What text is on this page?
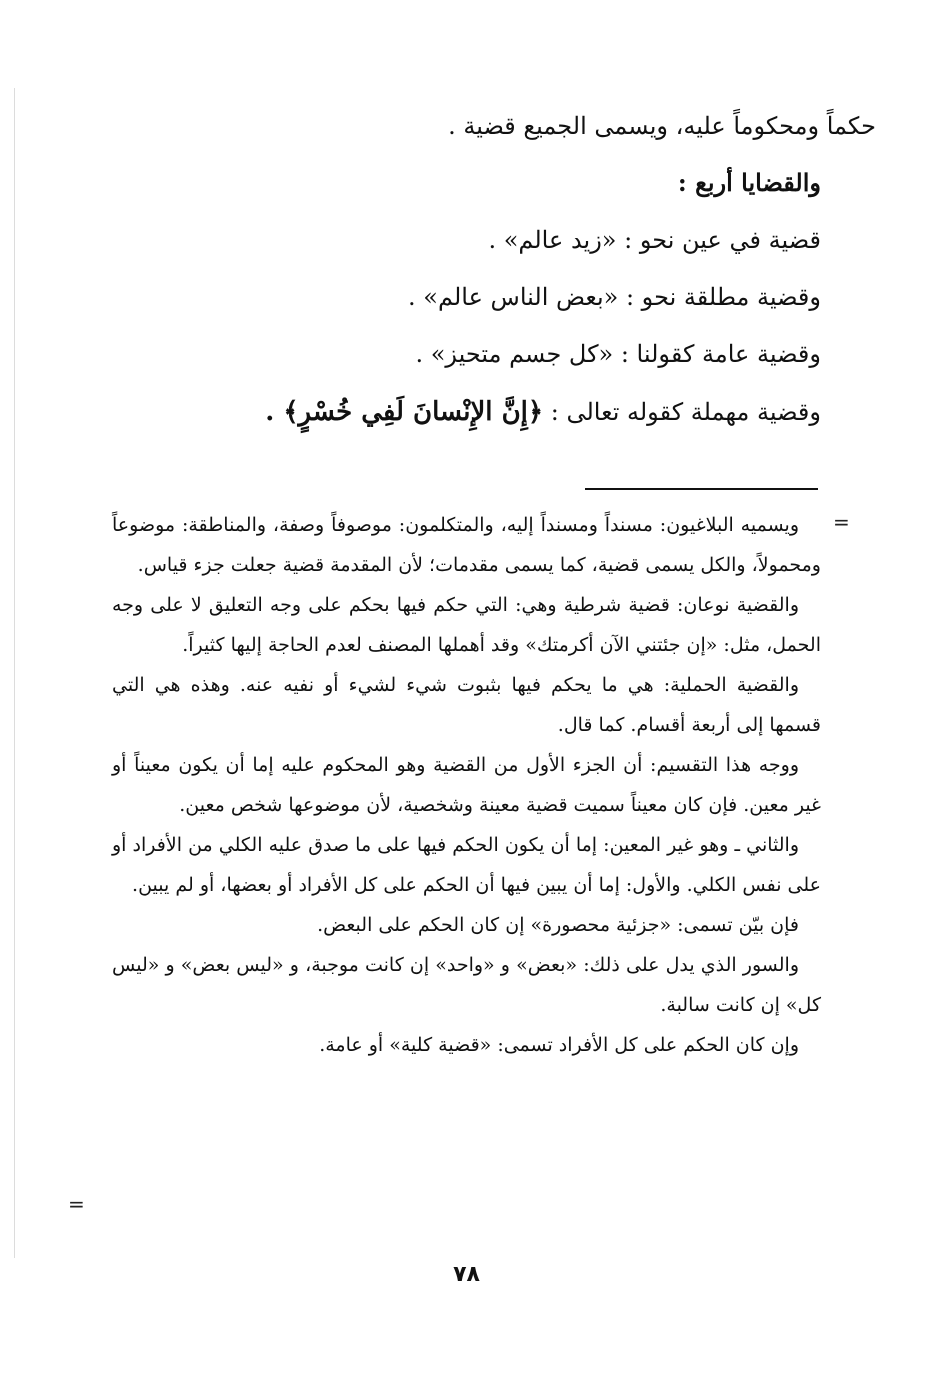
حكماً ومحكوماً عليه، ويسمى الجميع قضية .

والقضايا أربع :

قضية في عين نحو : «زيد عالم» .

وقضية مطلقة نحو : «بعض الناس عالم» .

وقضية عامة كقولنا : «كل جسم متحيز» .

وقضية مهملة كقوله تعالى : ﴿إِنَّ الإِنْسانَ لَفِي خُسْرٍ﴾ .

=

ويسميه البلاغيون: مسنداً ومسنداً إليه، والمتكلمون: موصوفاً وصفة، والمناطقة: موضوعاً ومحمولاً، والكل يسمى قضية، كما يسمى مقدمات؛ لأن المقدمة قضية جعلت جزء قياس.

والقضية نوعان: قضية شرطية وهي: التي حكم فيها بحكم على وجه التعليق لا على وجه الحمل، مثل: «إن جئتني الآن أكرمتك» وقد أهملها المصنف لعدم الحاجة إليها كثيراً.

والقضية الحملية: هي ما يحكم فيها بثبوت شيء لشيء أو نفيه عنه. وهذه هي التي قسمها إلى أربعة أقسام. كما قال.

ووجه هذا التقسيم: أن الجزء الأول من القضية وهو المحكوم عليه إما أن يكون معيناً أو غير معين. فإن كان معيناً سميت قضية معينة وشخصية، لأن موضوعها شخص معين.

والثاني ـ وهو غير المعين: إما أن يكون الحكم فيها على ما صدق عليه الكلي من الأفراد أو على نفس الكلي. والأول: إما أن يبين فيها أن الحكم على كل الأفراد أو بعضها، أو لم يبين.

فإن بيّن تسمى: «جزئية محصورة» إن كان الحكم على البعض.

والسور الذي يدل على ذلك: «بعض» و «واحد» إن كانت موجبة، و «ليس بعض» و «ليس كل» إن كانت سالبة.

وإن كان الحكم على كل الأفراد تسمى: «قضية كلية» أو عامة.

=
٧٨
